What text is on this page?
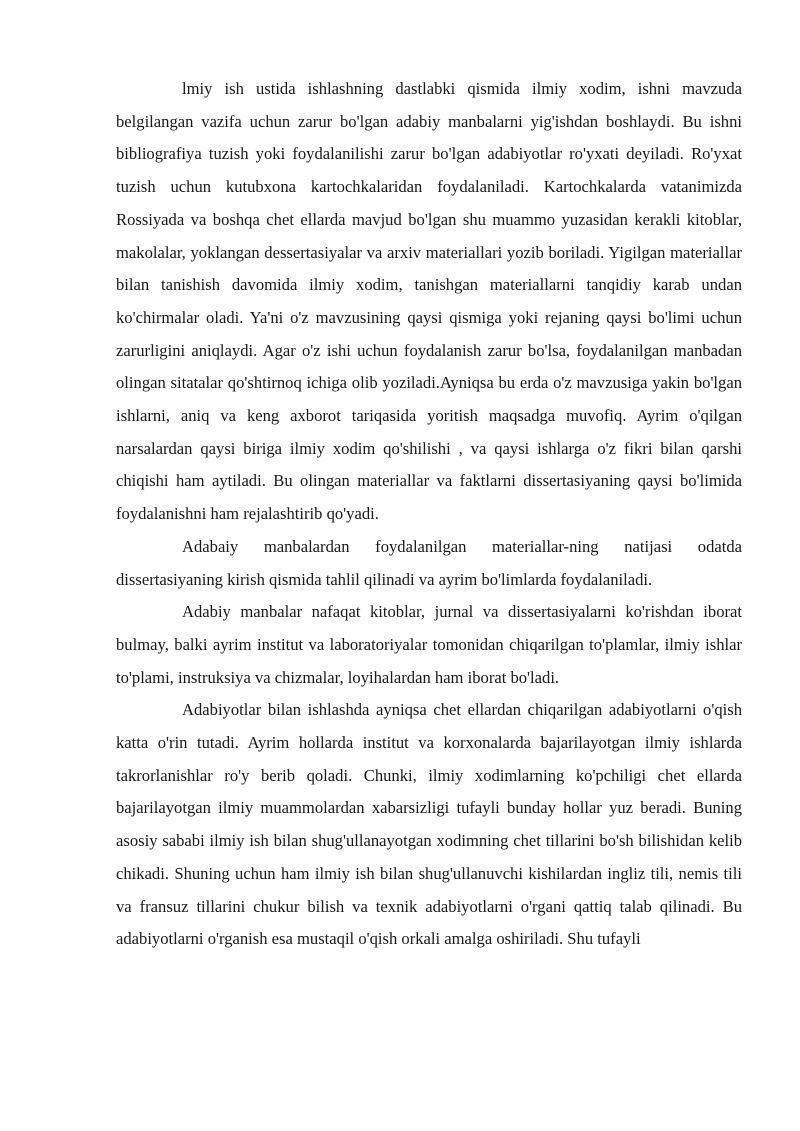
lmiy ish ustida ishlashning dastlabki qismida ilmiy xodim, ishni mavzuda belgilangan vazifa uchun zarur bo'lgan adabiy manbalarni yig'ishdan boshlaydi. Bu ishni bibliografiya tuzish yoki foydalanilishi zarur bo'lgan adabiyotlar ro'yxati deyiladi. Ro'yxat tuzish uchun kutubxona kartochkalaridan foydalaniladi. Kartochkalarda vatanimizda Rossiyada va boshqa chet ellarda mavjud bo'lgan shu muammo yuzasidan kerakli kitoblar, makolalar, yoklangan dessertasiyalar va arxiv materiallari yozib boriladi. Yigilgan materiallar bilan tanishish davomida ilmiy xodim, tanishgan materiallarni tanqidiy karab undan ko'chirmalar oladi. Ya'ni o'z mavzusining qaysi qismiga yoki rejaning qaysi bo'limi uchun zarurligini aniqlaydi. Agar o'z ishi uchun foydalanish zarur bo'lsa, foydalanilgan manbadan olingan sitatalar qo'shtirnoq ichiga olib yoziladi.Ayniqsa bu erda o'z mavzusiga yakin bo'lgan ishlarni, aniq va keng axborot tariqasida yoritish maqsadga muvofiq. Ayrim o'qilgan narsalardan qaysi biriga ilmiy xodim qo'shilishi , va qaysi ishlarga o'z fikri bilan qarshi chiqishi ham aytiladi. Bu olingan materiallar va faktlarni dissertasiyaning qaysi bo'limida foydalanishni ham rejalashtirib qo'yadi.

Adabaiy manbalardan foydalanilgan materiallar-ning natijasi odatda dissertasiyaning kirish qismida tahlil qilinadi va ayrim bo'limlarda foydalaniladi.

Adabiy manbalar nafaqat kitoblar, jurnal va dissertasiyalarni ko'rishdan iborat bulmay, balki ayrim institut va laboratoriyalar tomonidan chiqarilgan to'plamlar, ilmiy ishlar to'plami, instruksiya va chizmalar, loyihalardan ham iborat bo'ladi.

Adabiyotlar bilan ishlashda ayniqsa chet ellardan chiqarilgan adabiyotlarni o'qish katta o'rin tutadi. Ayrim hollarda institut va korxonalarda bajarilayotgan ilmiy ishlarda takrorlanishlar ro'y berib qoladi. Chunki, ilmiy xodimlarning ko'pchiligi chet ellarda bajarilayotgan ilmiy muammolardan xabarsizligi tufayli bunday hollar yuz beradi. Buning asosiy sababi ilmiy ish bilan shug'ullanayotgan xodimning chet tillarini bo'sh bilishidan kelib chikadi. Shuning uchun ham ilmiy ish bilan shug'ullanuvchi kishilardan ingliz tili, nemis tili va fransuz tillarini chukur bilish va texnik adabiyotlarni o'rgani qattiq talab qilinadi. Bu adabiyotlarni o'rganish esa mustaqil o'qish orkali amalga oshiriladi. Shu tufayli
